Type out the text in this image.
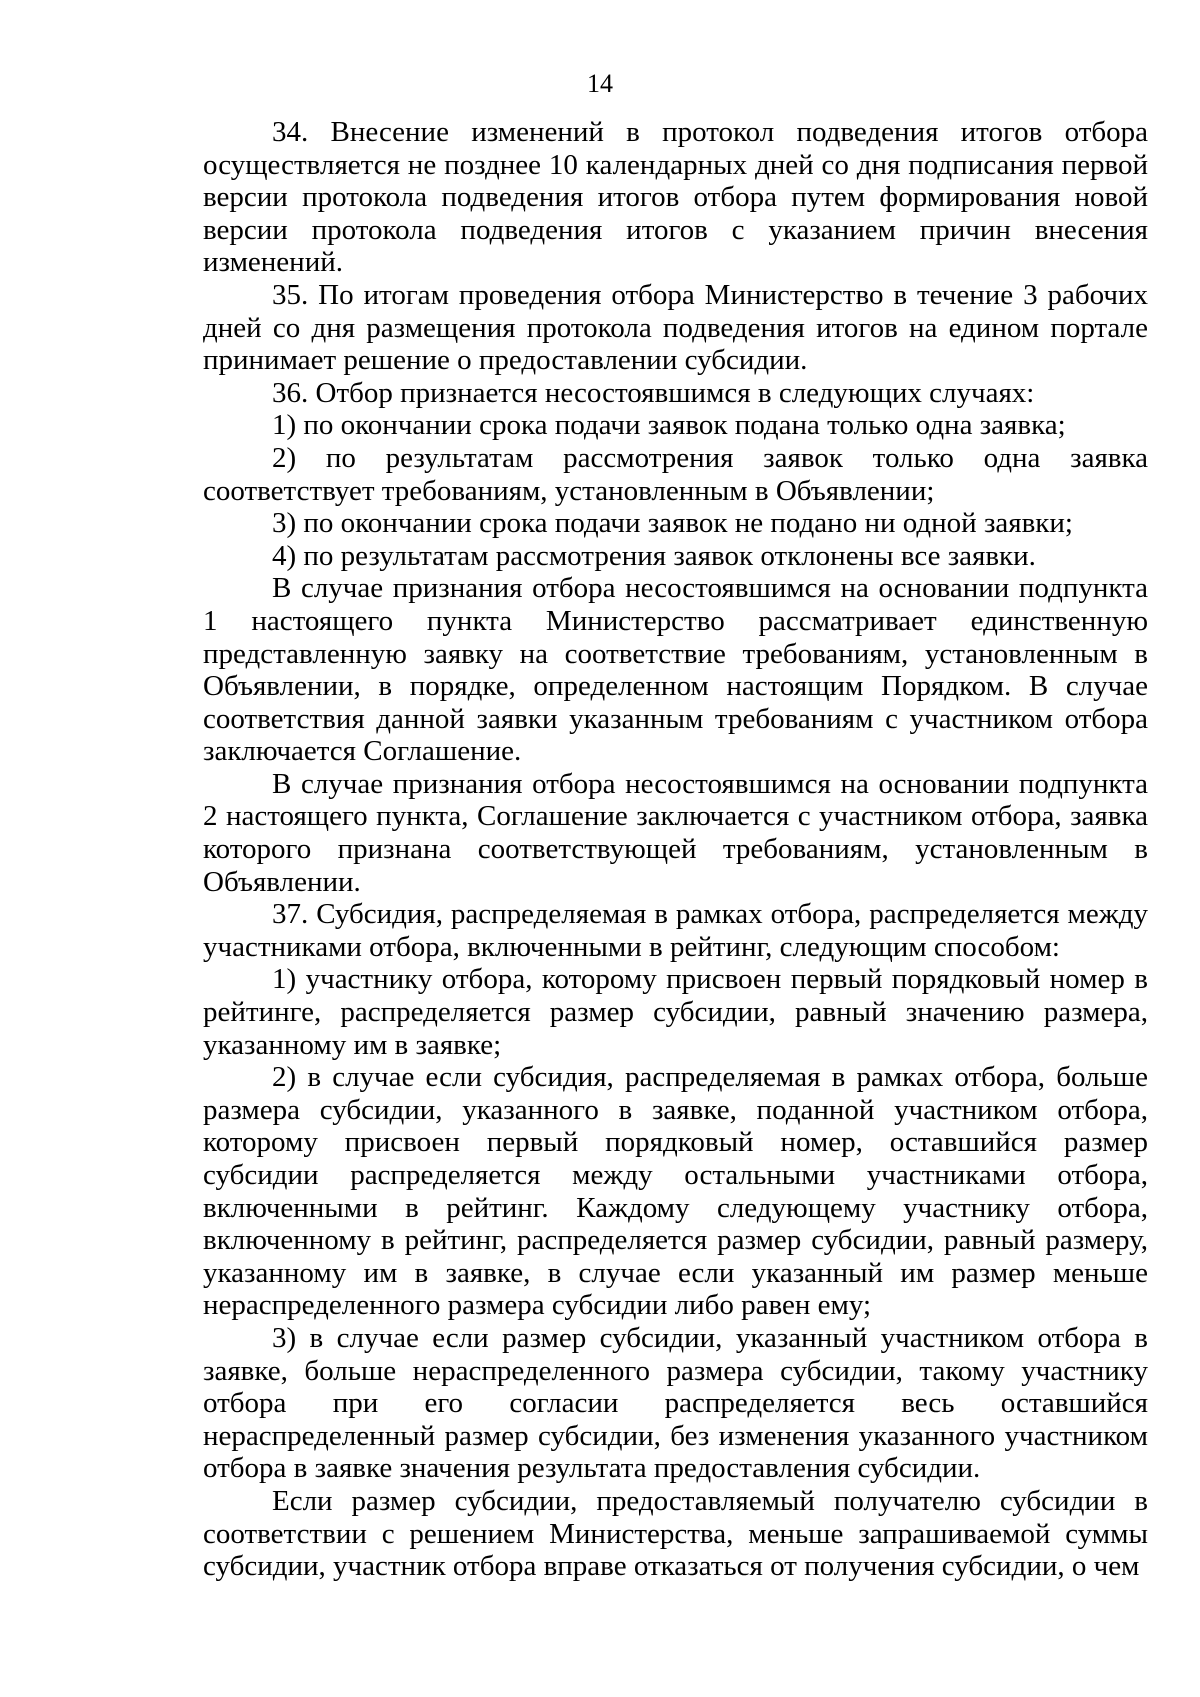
14

34. Внесение изменений в протокол подведения итогов отбора осуществляется не позднее 10 календарных дней со дня подписания первой версии протокола подведения итогов отбора путем формирования новой версии протокола подведения итогов с указанием причин внесения изменений.

35. По итогам проведения отбора Министерство в течение 3 рабочих дней со дня размещения протокола подведения итогов на едином портале принимает решение о предоставлении субсидии.

36. Отбор признается несостоявшимся в следующих случаях:

1) по окончании срока подачи заявок подана только одна заявка;

2) по результатам рассмотрения заявок только одна заявка соответствует требованиям, установленным в Объявлении;

3) по окончании срока подачи заявок не подано ни одной заявки;

4) по результатам рассмотрения заявок отклонены все заявки.

В случае признания отбора несостоявшимся на основании подпункта 1 настоящего пункта Министерство рассматривает единственную представленную заявку на соответствие требованиям, установленным в Объявлении, в порядке, определенном настоящим Порядком. В случае соответствия данной заявки указанным требованиям с участником отбора заключается Соглашение.

В случае признания отбора несостоявшимся на основании подпункта 2 настоящего пункта, Соглашение заключается с участником отбора, заявка которого признана соответствующей требованиям, установленным в Объявлении.

37. Субсидия, распределяемая в рамках отбора, распределяется между участниками отбора, включенными в рейтинг, следующим способом:

1) участнику отбора, которому присвоен первый порядковый номер в рейтинге, распределяется размер субсидии, равный значению размера, указанному им в заявке;

2) в случае если субсидия, распределяемая в рамках отбора, больше размера субсидии, указанного в заявке, поданной участником отбора, которому присвоен первый порядковый номер, оставшийся размер субсидии распределяется между остальными участниками отбора, включенными в рейтинг. Каждому следующему участнику отбора, включенному в рейтинг, распределяется размер субсидии, равный размеру, указанному им в заявке, в случае если указанный им размер меньше нераспределенного размера субсидии либо равен ему;

3) в случае если размер субсидии, указанный участником отбора в заявке, больше нераспределенного размера субсидии, такому участнику отбора при его согласии распределяется весь оставшийся нераспределенный размер субсидии, без изменения указанного участником отбора в заявке значения результата предоставления субсидии.

Если размер субсидии, предоставляемый получателю субсидии в соответствии с решением Министерства, меньше запрашиваемой суммы субсидии, участник отбора вправе отказаться от получения субсидии, о чем
